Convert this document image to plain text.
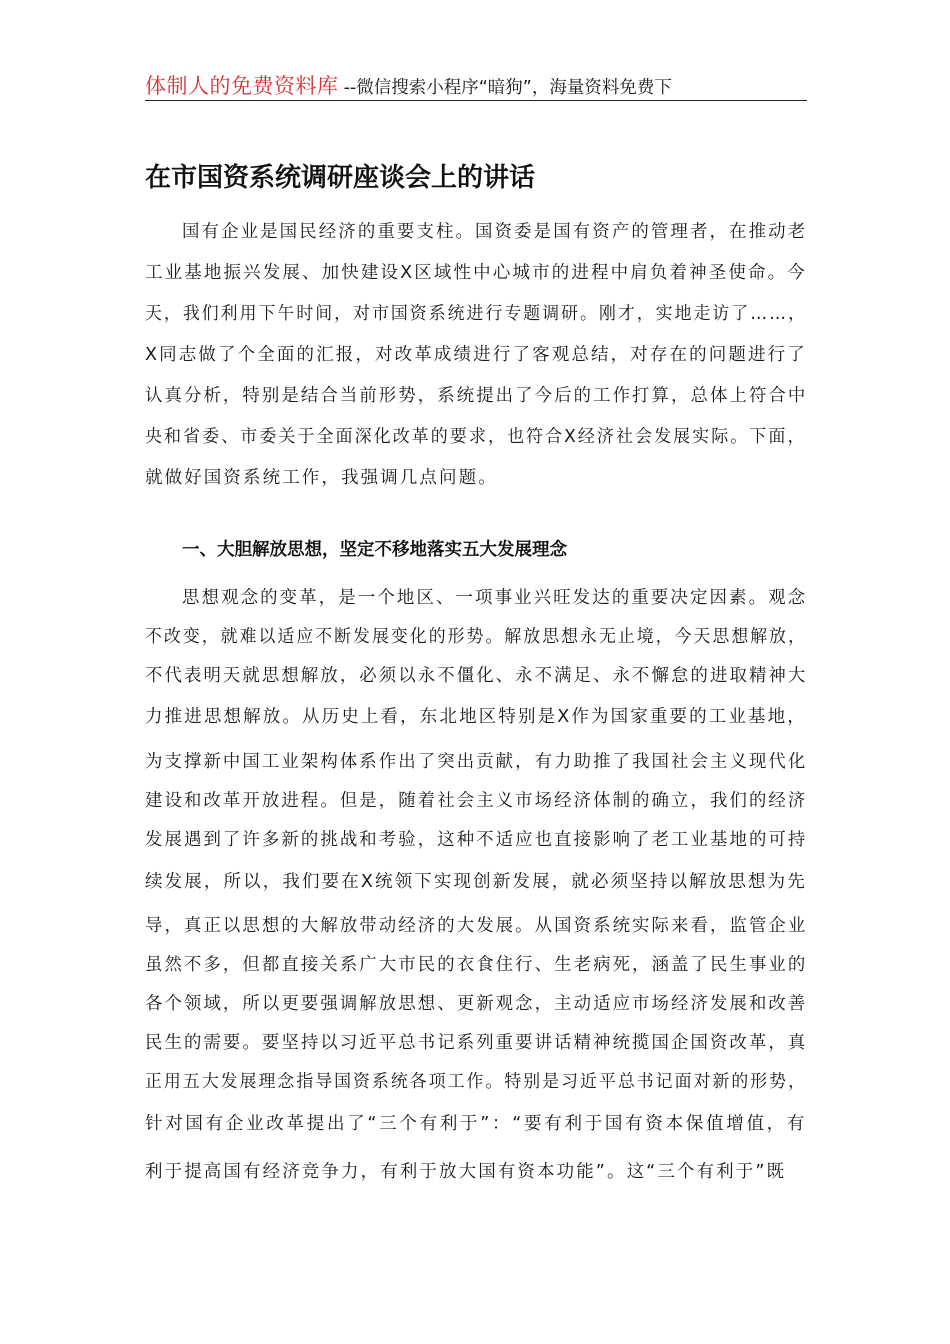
体制人的免费资料库 --微信搜索小程序“暗狗”，海量资料免费下
在市国资系统调研座谈会上的讲话
国有企业是国民经济的重要支柱。国资委是国有资产的管理者，在推动老
工业基地振兴发展、加快建设X区域性中心城市的进程中肩负着神圣使命。今
天，我们利用下午时间，对市国资系统进行专题调研。刚才，实地走访了……，
X同志做了个全面的汇报，对改革成绩进行了客观总结，对存在的问题进行了
认真分析，特别是结合当前形势，系统提出了今后的工作打算，总体上符合中
央和省委、市委关于全面深化改革的要求，也符合X经济社会发展实际。下面，
就做好国资系统工作，我强调几点问题。
一、大胆解放思想，坚定不移地落实五大发展理念
思想观念的变革，是一个地区、一项事业兴旺发达的重要决定因素。观念
不改变，就难以适应不断发展变化的形势。解放思想永无止境，今天思想解放，
不代表明天就思想解放，必须以永不僵化、永不满足、永不懈怠的进取精神大
力推进思想解放。从历史上看，东北地区特别是X作为国家重要的工业基地，
为支撑新中国工业架构体系作出了突出贡献，有力助推了我国社会主义现代化
建设和改革开放进程。但是，随着社会主义市场经济体制的确立，我们的经济
发展遇到了许多新的挑战和考验，这种不适应也直接影响了老工业基地的可持
续发展，所以，我们要在X统领下实现创新发展，就必须坚持以解放思想为先
导，真正以思想的大解放带动经济的大发展。从国资系统实际来看，监管企业
虽然不多，但都直接关系广大市民的衣食住行、生老病死，涵盖了民生事业的
各个领域，所以更要强调解放思想、更新观念，主动适应市场经济发展和改善
民生的需要。要坚持以习近平总书记系列重要讲话精神统揽国企国资改革，真
正用五大发展理念指导国资系统各项工作。特别是习近平总书记面对新的形势，
针对国有企业改革提出了“三个有利于”：“要有利于国有资本保值增值，有
利于提高国有经济竞争力，有利于放大国有资本功能”。这“三个有利于”既
